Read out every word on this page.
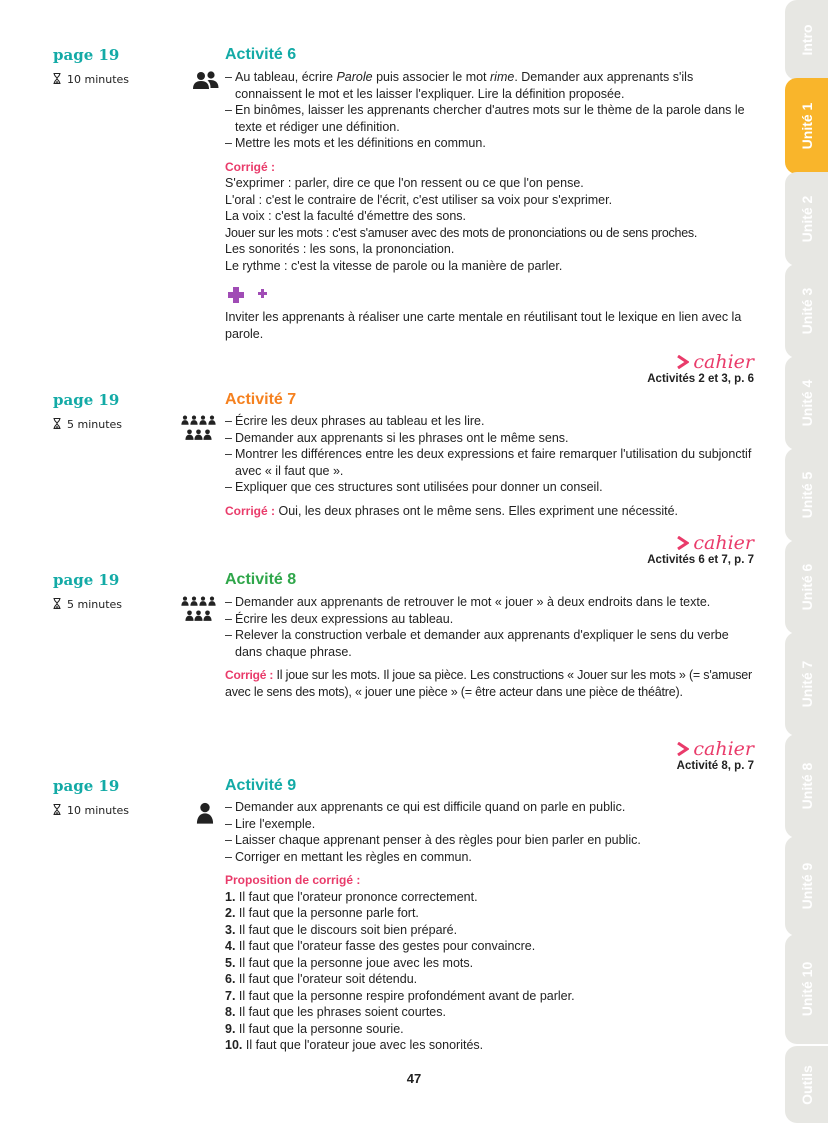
page 19
10 minutes
Activité 6
– Au tableau, écrire Parole puis associer le mot rime. Demander aux apprenants s'ils connaissent le mot et les laisser l'expliquer. Lire la définition proposée.
– En binômes, laisser les apprenants chercher d'autres mots sur le thème de la parole dans le texte et rédiger une définition.
– Mettre les mots et les définitions en commun.
Corrigé :
S'exprimer : parler, dire ce que l'on ressent ou ce que l'on pense.
L'oral : c'est le contraire de l'écrit, c'est utiliser sa voix pour s'exprimer.
La voix : c'est la faculté d'émettre des sons.
Jouer sur les mots : c'est s'amuser avec des mots de prononciations ou de sens proches.
Les sonorités : les sons, la prononciation.
Le rythme : c'est la vitesse de parole ou la manière de parler.
Inviter les apprenants à réaliser une carte mentale en réutilisant tout le lexique en lien avec la parole.
cahier
Activités 2 et 3, p. 6
page 19
5 minutes
Activité 7
– Écrire les deux phrases au tableau et les lire.
– Demander aux apprenants si les phrases ont le même sens.
– Montrer les différences entre les deux expressions et faire remarquer l'utilisation du subjonctif avec « il faut que ».
– Expliquer que ces structures sont utilisées pour donner un conseil.
Corrigé : Oui, les deux phrases ont le même sens. Elles expriment une nécessité.
cahier
Activités 6 et 7, p. 7
page 19
5 minutes
Activité 8
– Demander aux apprenants de retrouver le mot « jouer » à deux endroits dans le texte.
– Écrire les deux expressions au tableau.
– Relever la construction verbale et demander aux apprenants d'expliquer le sens du verbe dans chaque phrase.
Corrigé : Il joue sur les mots. Il joue sa pièce. Les constructions « Jouer sur les mots » (= s'amuser avec le sens des mots), « jouer une pièce » (= être acteur dans une pièce de théâtre).
cahier
Activité 8, p. 7
page 19
10 minutes
Activité 9
– Demander aux apprenants ce qui est difficile quand on parle en public.
– Lire l'exemple.
– Laisser chaque apprenant penser à des règles pour bien parler en public.
– Corriger en mettant les règles en commun.
Proposition de corrigé :
1. Il faut que l'orateur prononce correctement.
2. Il faut que la personne parle fort.
3. Il faut que le discours soit bien préparé.
4. Il faut que l'orateur fasse des gestes pour convaincre.
5. Il faut que la personne joue avec les mots.
6. Il faut que l'orateur soit détendu.
7. Il faut que la personne respire profondément avant de parler.
8. Il faut que les phrases soient courtes.
9. Il faut que la personne sourie.
10. Il faut que l'orateur joue avec les sonorités.
47
Intro
Unité 1
Unité 2
Unité 3
Unité 4
Unité 5
Unité 6
Unité 7
Unité 8
Unité 9
Unité 10
Outils
